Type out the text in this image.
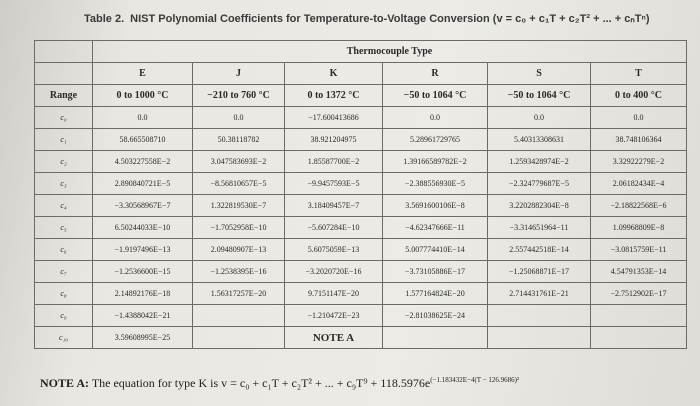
Table 2. NIST Polynomial Coefficients for Temperature-to-Voltage Conversion (v = c₀ + c₁T + c₂T² + ... + cₙTⁿ)
	Thermocouple Type					
	E	J	K	R	S	T
Range	0 to 1000 °C	−210 to 760 °C	0 to 1372 °C	−50 to 1064 °C	−50 to 1064 °C	0 to 400 °C
c₀	0.0	0.0	−17.600413686	0.0	0.0	0.0
c₁	58.665508710	50.38118782	38.921204975	5.28961729765	5.40313308631	38.748106364
c₂	4.503227558E−2	3.047583693E−2	1.85587700E−2	1.39166589782E−2	1.2593428974E−2	3.32922279E−2
c₃	2.890840721E−5	−8.56810657E−5	−9.9457593E−5	−2.388556930E−5	−2.324779687E−5	2.06182434E−4
c₄	−3.30568967E−7	1.322819530E−7	3.18409457E−7	3.5691600106E−8	3.2202882304E−8	−2.18822568E−6
c₅	6.50244033E−10	−1.7052958E−10	−5.607284E−10	−4.62347666E−11	−3.314651964−11	1.09968809E−8
c₆	−1.9197496E−13	2.09480907E−13	5.6075059E−13	5.007774410E−14	2.557442518E−14	−3.0815759E−11
c₇	−1.2536600E−15	−1.2538395E−16	−3.2020720E−16	−3.73105886E−17	−1.25068871E−17	4.54791353E−14
c₈	2.14892176E−18	1.56317257E−20	9.7151147E−20	1.577164824E−20	2.714431761E−21	−2.7512902E−17
c₉	−1.4388042E−21		−1.210472E−23	−2.81038625E−24		
c₁₀	3.59608995E−25		NOTE A			
NOTE A: The equation for type K is v = c₀ + c₁T + c₂T² + ... + $c_9T^9 + 118.5976e^{(-1.183432E-4(T - 126.9686)^2}$
